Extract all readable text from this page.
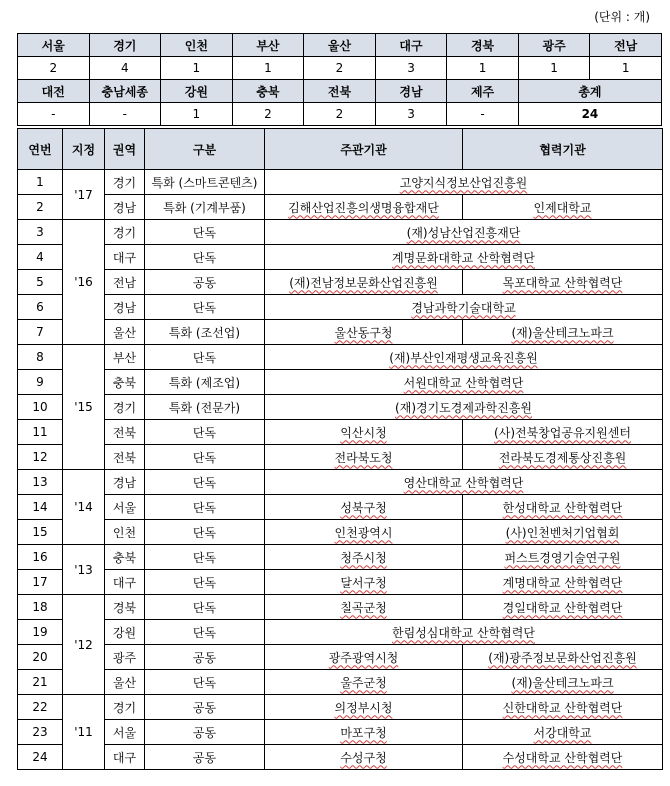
(단위 : 개)
서울	경기	인천	부산	울산	대구	경북	광주	전남
2	4	1	1	2	3	1	1	1
대전	충남세종	강원	충북	전북	경남	제주	총계	
-	-	1	2	2	3	-	24	
연번	지정	권역	구분	주관기관	협력기관
1	'17	경기	특화 (스마트콘텐츠)	고양지식정보산업진흥원	
2		경남	특화 (기계부품)	김해산업진흥의생명융합재단	인제대학교
3	'16	경기	단독	(재)성남산업진흥재단	
4		대구	단독	계명문화대학교 산학협력단	
5		전남	공동	(재)전남정보문화산업진흥원	목포대학교 산학협력단
6		경남	단독	경남과학기술대학교	
7		울산	특화 (조선업)	울산동구청	(재)울산테크노파크
8	'15	부산	단독	(재)부산인재평생교육진흥원	
9		충북	특화 (제조업)	서원대학교 산학협력단	
10		경기	특화 (전문가)	(재)경기도경제과학진흥원	
11		전북	단독	익산시청	(사)전북창업공유지원센터
12		전북	단독	전라북도청	전라북도경제통상진흥원
13	'14	경남	단독	영산대학교 산학협력단	
14		서울	단독	성북구청	한성대학교 산학협력단
15		인천	단독	인천광역시	(사)인천벤처기업협회
16	'13	충북	단독	청주시청	퍼스트경영기술연구원
17		대구	단독	달서구청	계명대학교 산학협력단
18	'12	경북	단독	칠곡군청	경일대학교 산학협력단
19		강원	단독	한림성심대학교 산학협력단	
20		광주	공동	광주광역시청	(재)광주정보문화산업진흥원
21		울산	단독	울주군청	(재)울산테크노파크
22	'11	경기	공동	의정부시청	신한대학교 산학협력단
23		서울	공동	마포구청	서강대학교
24		대구	공동	수성구청	수성대학교 산학협력단
